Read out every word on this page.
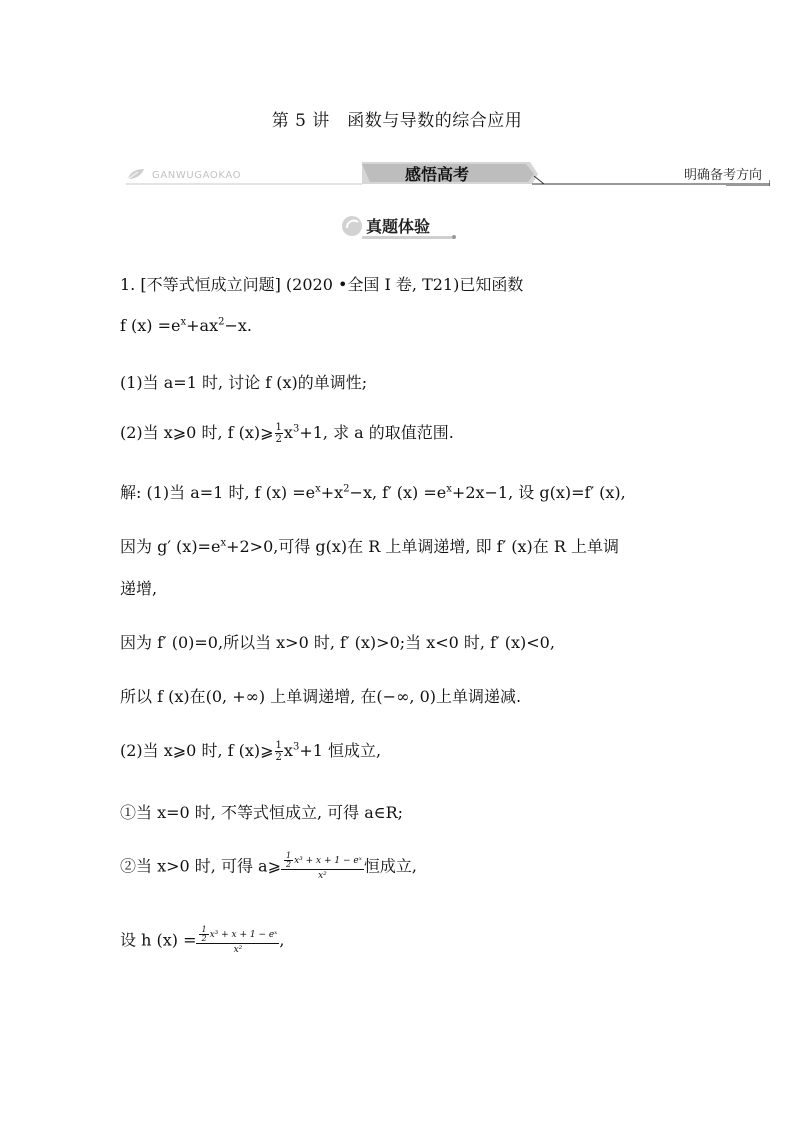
第 5 讲　函数与导数的综合应用
GANWUGAOKAO	感悟高考	明确备考方向
真题体验
1. [不等式恒成立问题] (2020 •全国 I 卷, T21)已知函数
f $(x) =e^x+ax^2-x$.
(1)当 a=1 时, 讨论 f (x)的单调性;
(2)当 x⩾0 时, f (x)⩾ $\frac{1}{2} x^3+1$, 求 a 的取值范围.
解: (1)当 a=1 时, f $(x) =e^x+x^2-x$, f′ $(x) =e^x+2x-1$, 设 g(x)=f′ (x),
因为 g′ $(x)=e^x+2>0$,可得 g(x)在 R 上单调递增, 即 f′ (x)在 R 上单调
递增,
因为 f′ (0)=0,所以当 x>0 时, f′ (x)>0;当 x<0 时, f′ (x)<0,
所以 f (x)在(0, +∞) 上单调递增, 在(−∞, 0)上单调递减.
(2)当 x⩾0 时, f (x)⩾ $\frac{1}{2} x^3+1$ 恒成立,
①当 x=0 时, 不等式恒成立, 可得 a∈R;
②当 x>0 时, 可得 a⩾ $\frac{\frac{1}{2} x^3 + x + 1 - eˣ}{\text{x²}}$ 恒成立,
设 h $(x) = \frac{\frac{1}{2} x^3 + x + 1 - eˣ}{\text{x²}}$ ,
